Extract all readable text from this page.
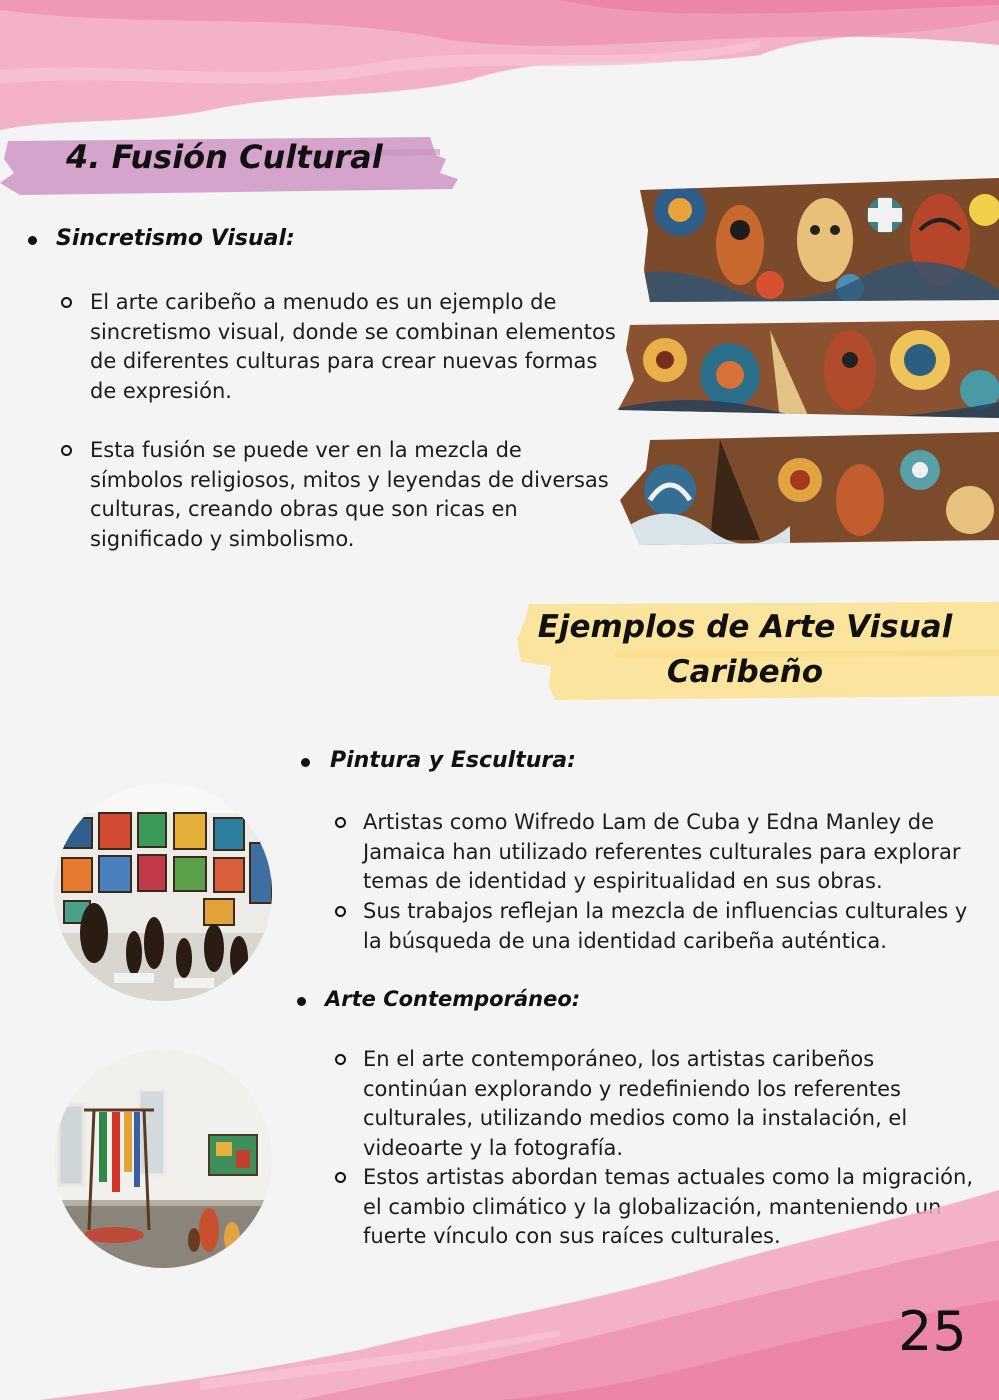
4. Fusión Cultural
Sincretismo Visual:

El arte caribeño a menudo es un ejemplo de sincretismo visual, donde se combinan elementos de diferentes culturas para crear nuevas formas de expresión.

Esta fusión se puede ver en la mezcla de símbolos religiosos, mitos y leyendas de diversas culturas, creando obras que son ricas en significado y simbolismo.

Ejemplos de Arte Visual Caribeño
Pintura y Escultura:

Artistas como Wifredo Lam de Cuba y Edna Manley de Jamaica han utilizado referentes culturales para explorar temas de identidad y espiritualidad en sus obras.

Sus trabajos reflejan la mezcla de influencias culturales y la búsqueda de una identidad caribeña auténtica.

Arte Contemporáneo:

En el arte contemporáneo, los artistas caribeños continúan explorando y redefiniendo los referentes culturales, utilizando medios como la instalación, el videoarte y la fotografía.

Estos artistas abordan temas actuales como la migración, el cambio climático y la globalización, manteniendo un fuerte vínculo con sus raíces culturales.

25
